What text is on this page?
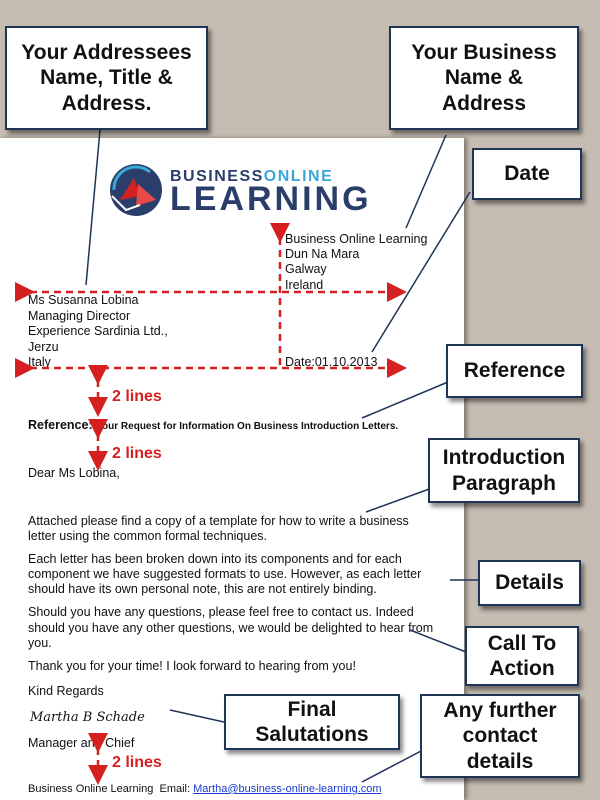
BUSINESSONLINE
LEARNING
Business Online Learning
Dun Na Mara
Galway
Ireland
Ms Susanna Lobina
Managing Director
Experience Sardinia Ltd.,
Jerzu
Italy	Date:01.10.2013
2 lines
2 lines
2 lines
Reference: Your Request for Information On Business Introduction Letters.
Dear Ms Lobina,
Attached please find a copy of a template for how to write a business
letter using the common formal techniques.
Each letter has been broken down into its components and for each
component we have suggested formats to use. However, as each letter
should have its own personal note, this are not entirely binding.
Should you have any questions, please feel free to contact us. Indeed
should you have any other questions, we would be delighted to hear from
you.
Thank you for your time! I look forward to hearing from you!
Kind Regards
Martha B Schade
Manager and Chief
Business Online Learning Email: Martha@business-online-learning.com
Your Addressees
Name, Title &
Address.
Your Business
Name &
Address
Date
Reference
Introduction
Paragraph
Details
Call To
Action
Final
Salutations
Any further
contact
details
